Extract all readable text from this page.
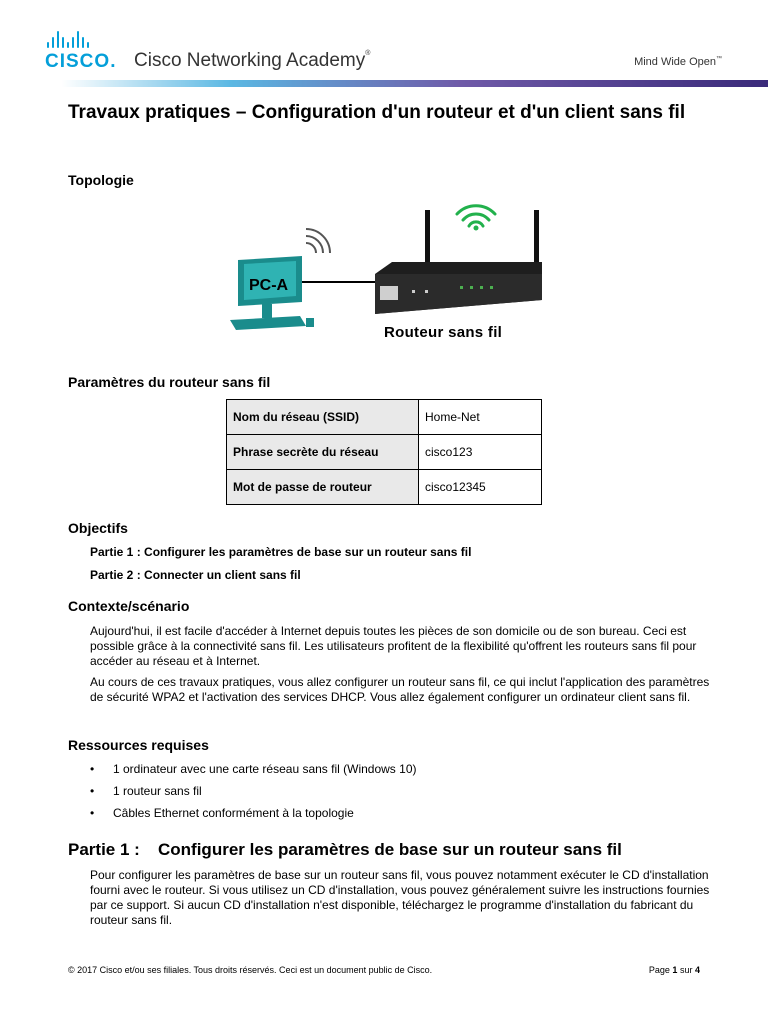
CISCO. Cisco Networking Academy®
Mind Wide Open™
Travaux pratiques – Configuration d'un routeur et d'un client sans fil
Topologie
PC-A
Routeur sans fil
Paramètres du routeur sans fil
Nom du réseau (SSID)	Home-Net
Phrase secrète du réseau	cisco123
Mot de passe de routeur	cisco12345
Objectifs
Partie 1 : Configurer les paramètres de base sur un routeur sans fil
Partie 2 : Connecter un client sans fil
Contexte/scénario

Aujourd'hui, il est facile d'accéder à Internet depuis toutes les pièces de son domicile ou de son bureau. Ceci est possible grâce à la connectivité sans fil. Les utilisateurs profitent de la flexibilité qu'offrent les routeurs sans fil pour accéder au réseau et à Internet.

Au cours de ces travaux pratiques, vous allez configurer un routeur sans fil, ce qui inclut l'application des paramètres de sécurité WPA2 et l'activation des services DHCP. Vous allez également configurer un ordinateur client sans fil.

Ressources requises
• 1 ordinateur avec une carte réseau sans fil (Windows 10)
• 1 routeur sans fil
• Câbles Ethernet conformément à la topologie
Partie 1 : Configurer les paramètres de base sur un routeur sans fil

Pour configurer les paramètres de base sur un routeur sans fil, vous pouvez notamment exécuter le CD d'installation fourni avec le routeur. Si vous utilisez un CD d'installation, vous pouvez généralement suivre les instructions fournies par ce support. Si aucun CD d'installation n'est disponible, téléchargez le programme d'installation du fabricant du routeur sans fil.

© 2017 Cisco et/ou ses filiales. Tous droits réservés. Ceci est un document public de Cisco.	Page 1 sur 4
